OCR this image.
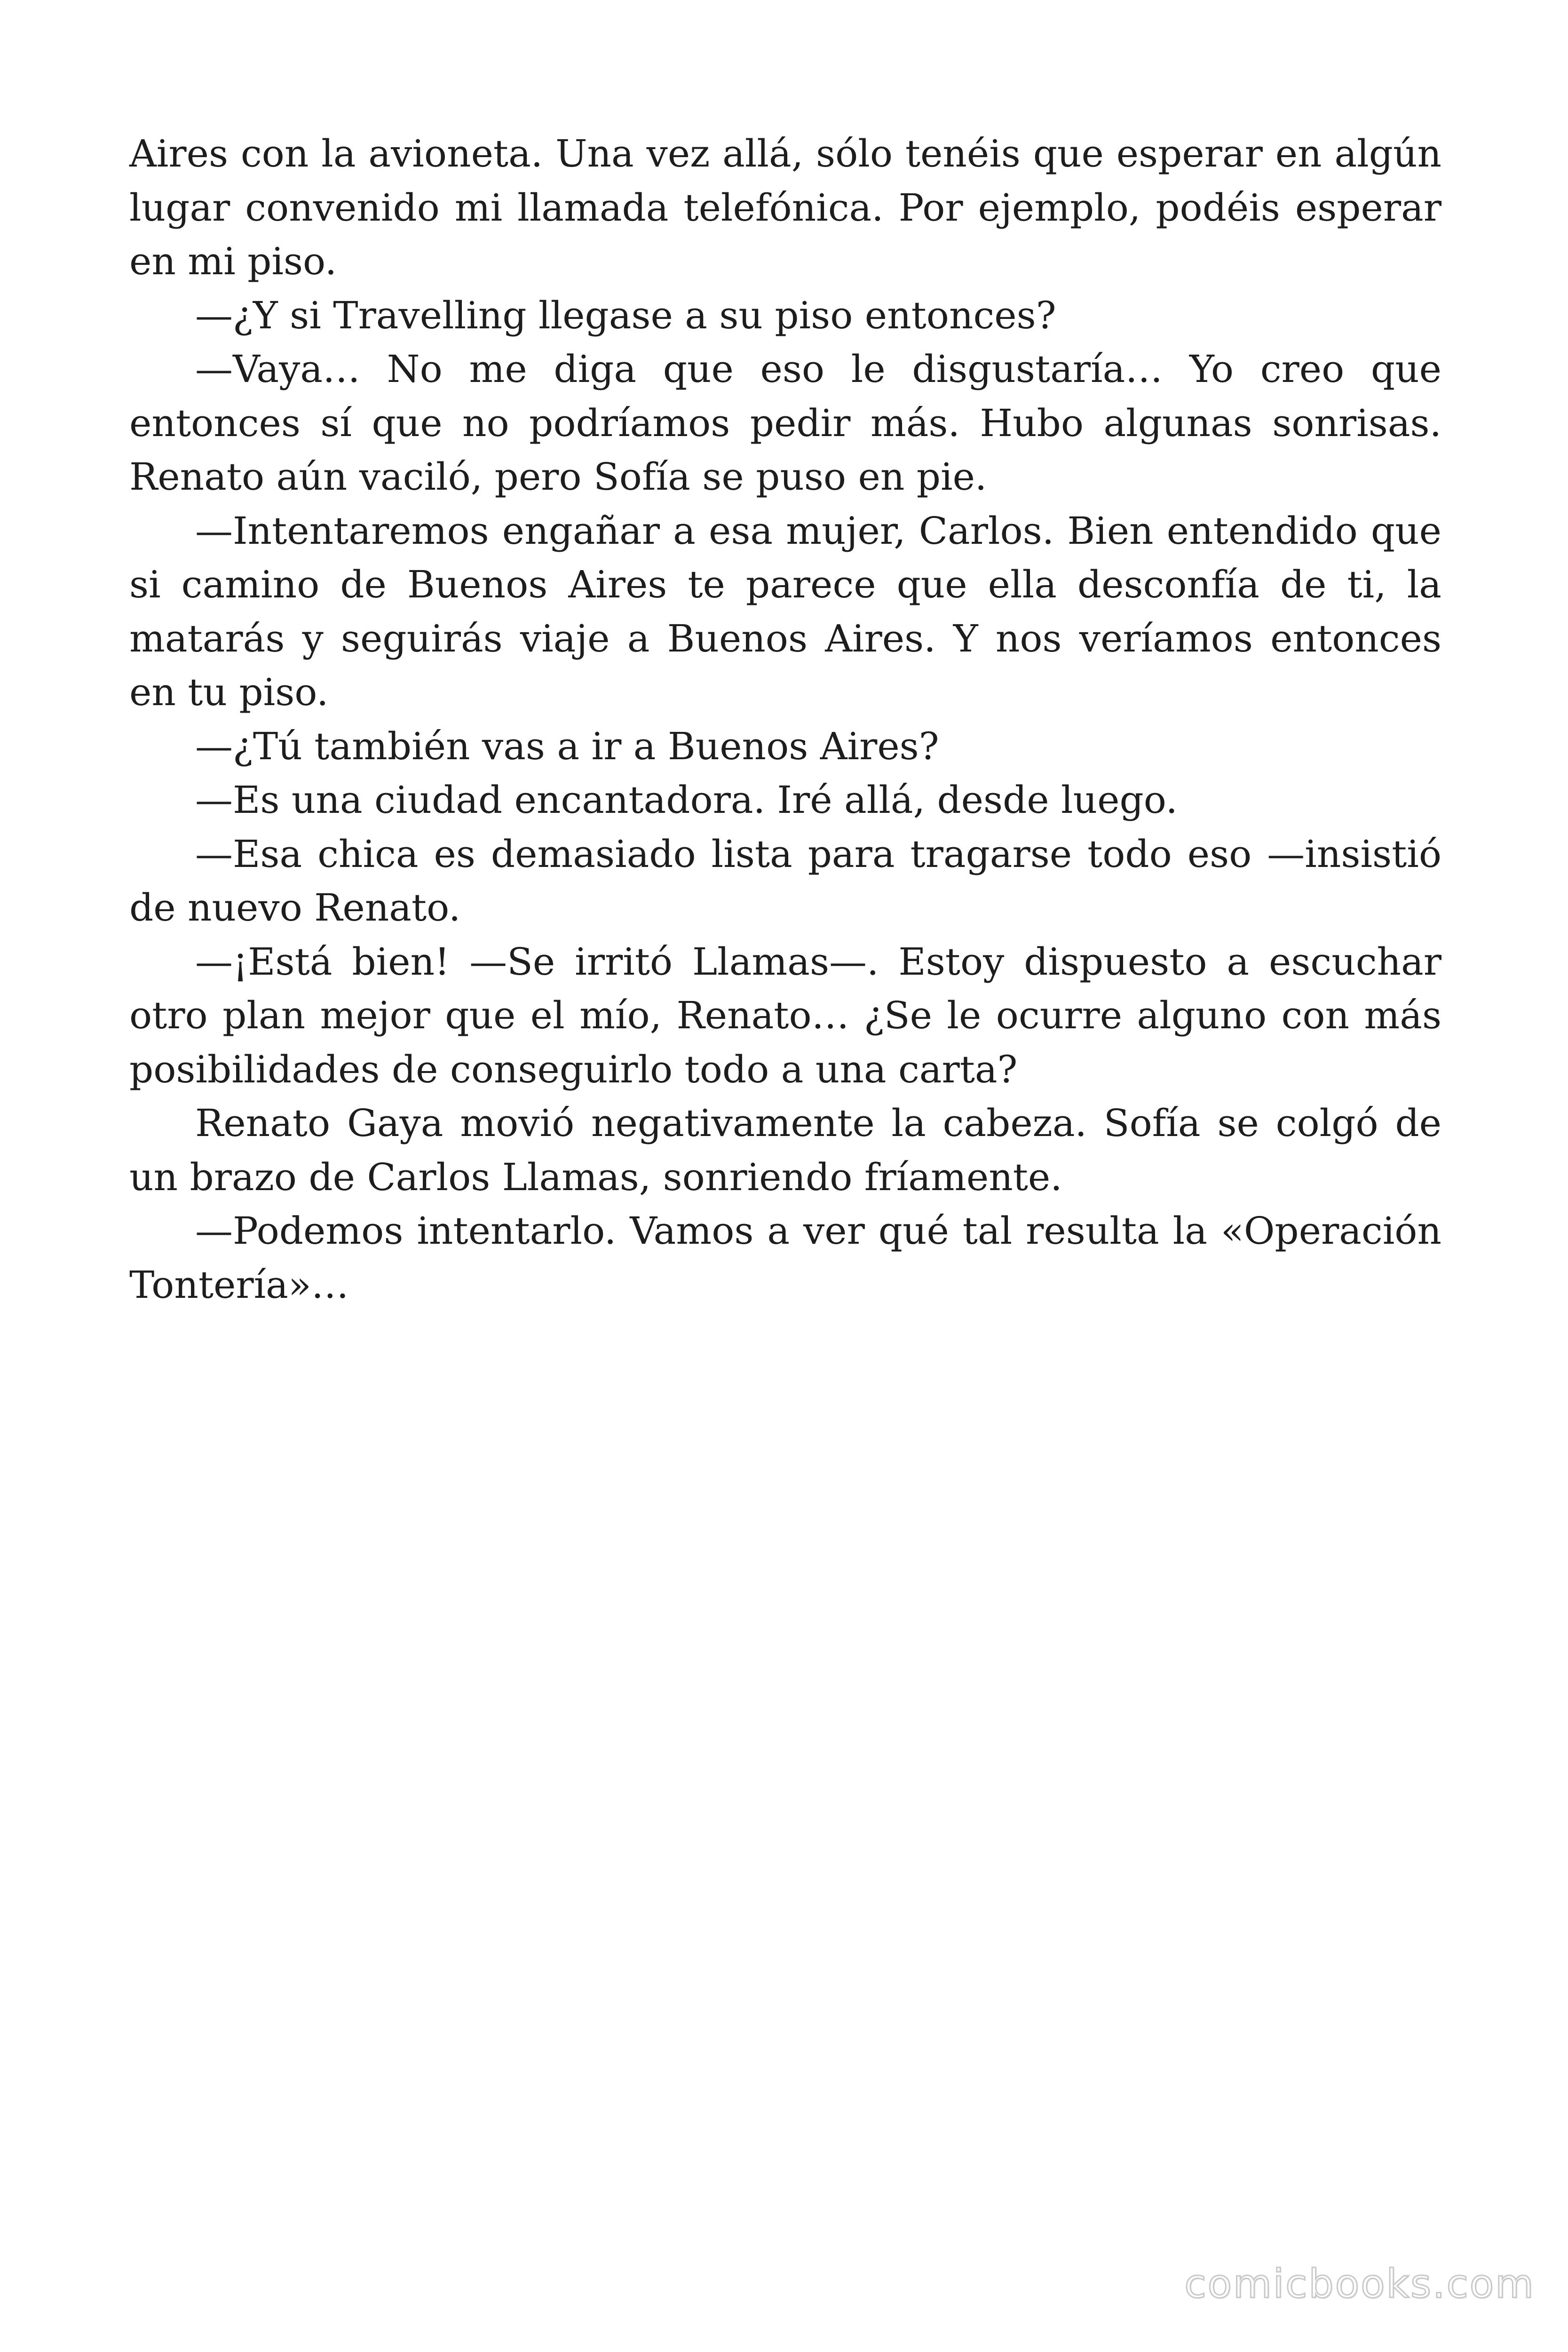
Aires con la avioneta. Una vez allá, sólo tenéis que esperar en algún lugar convenido mi llamada telefónica. Por ejemplo, podéis esperar en mi piso.

—¿Y si Travelling llegase a su piso entonces?

—Vaya… No me diga que eso le disgustaría… Yo creo que entonces sí que no podríamos pedir más. Hubo algunas sonrisas. Renato aún vaciló, pero Sofía se puso en pie.

—Intentaremos engañar a esa mujer, Carlos. Bien entendido que si camino de Buenos Aires te parece que ella desconfía de ti, la matarás y seguirás viaje a Buenos Aires. Y nos veríamos entonces en tu piso.

—¿Tú también vas a ir a Buenos Aires?

—Es una ciudad encantadora. Iré allá, desde luego.

—Esa chica es demasiado lista para tragarse todo eso —insistió de nuevo Renato.

—¡Está bien! —Se irritó Llamas—. Estoy dispuesto a escuchar otro plan mejor que el mío, Renato… ¿Se le ocurre alguno con más posibilidades de conseguirlo todo a una carta?

Renato Gaya movió negativamente la cabeza. Sofía se colgó de un brazo de Carlos Llamas, sonriendo fríamente.

—Podemos intentarlo. Vamos a ver qué tal resulta la «Operación Tontería»…

comicbooks.com
